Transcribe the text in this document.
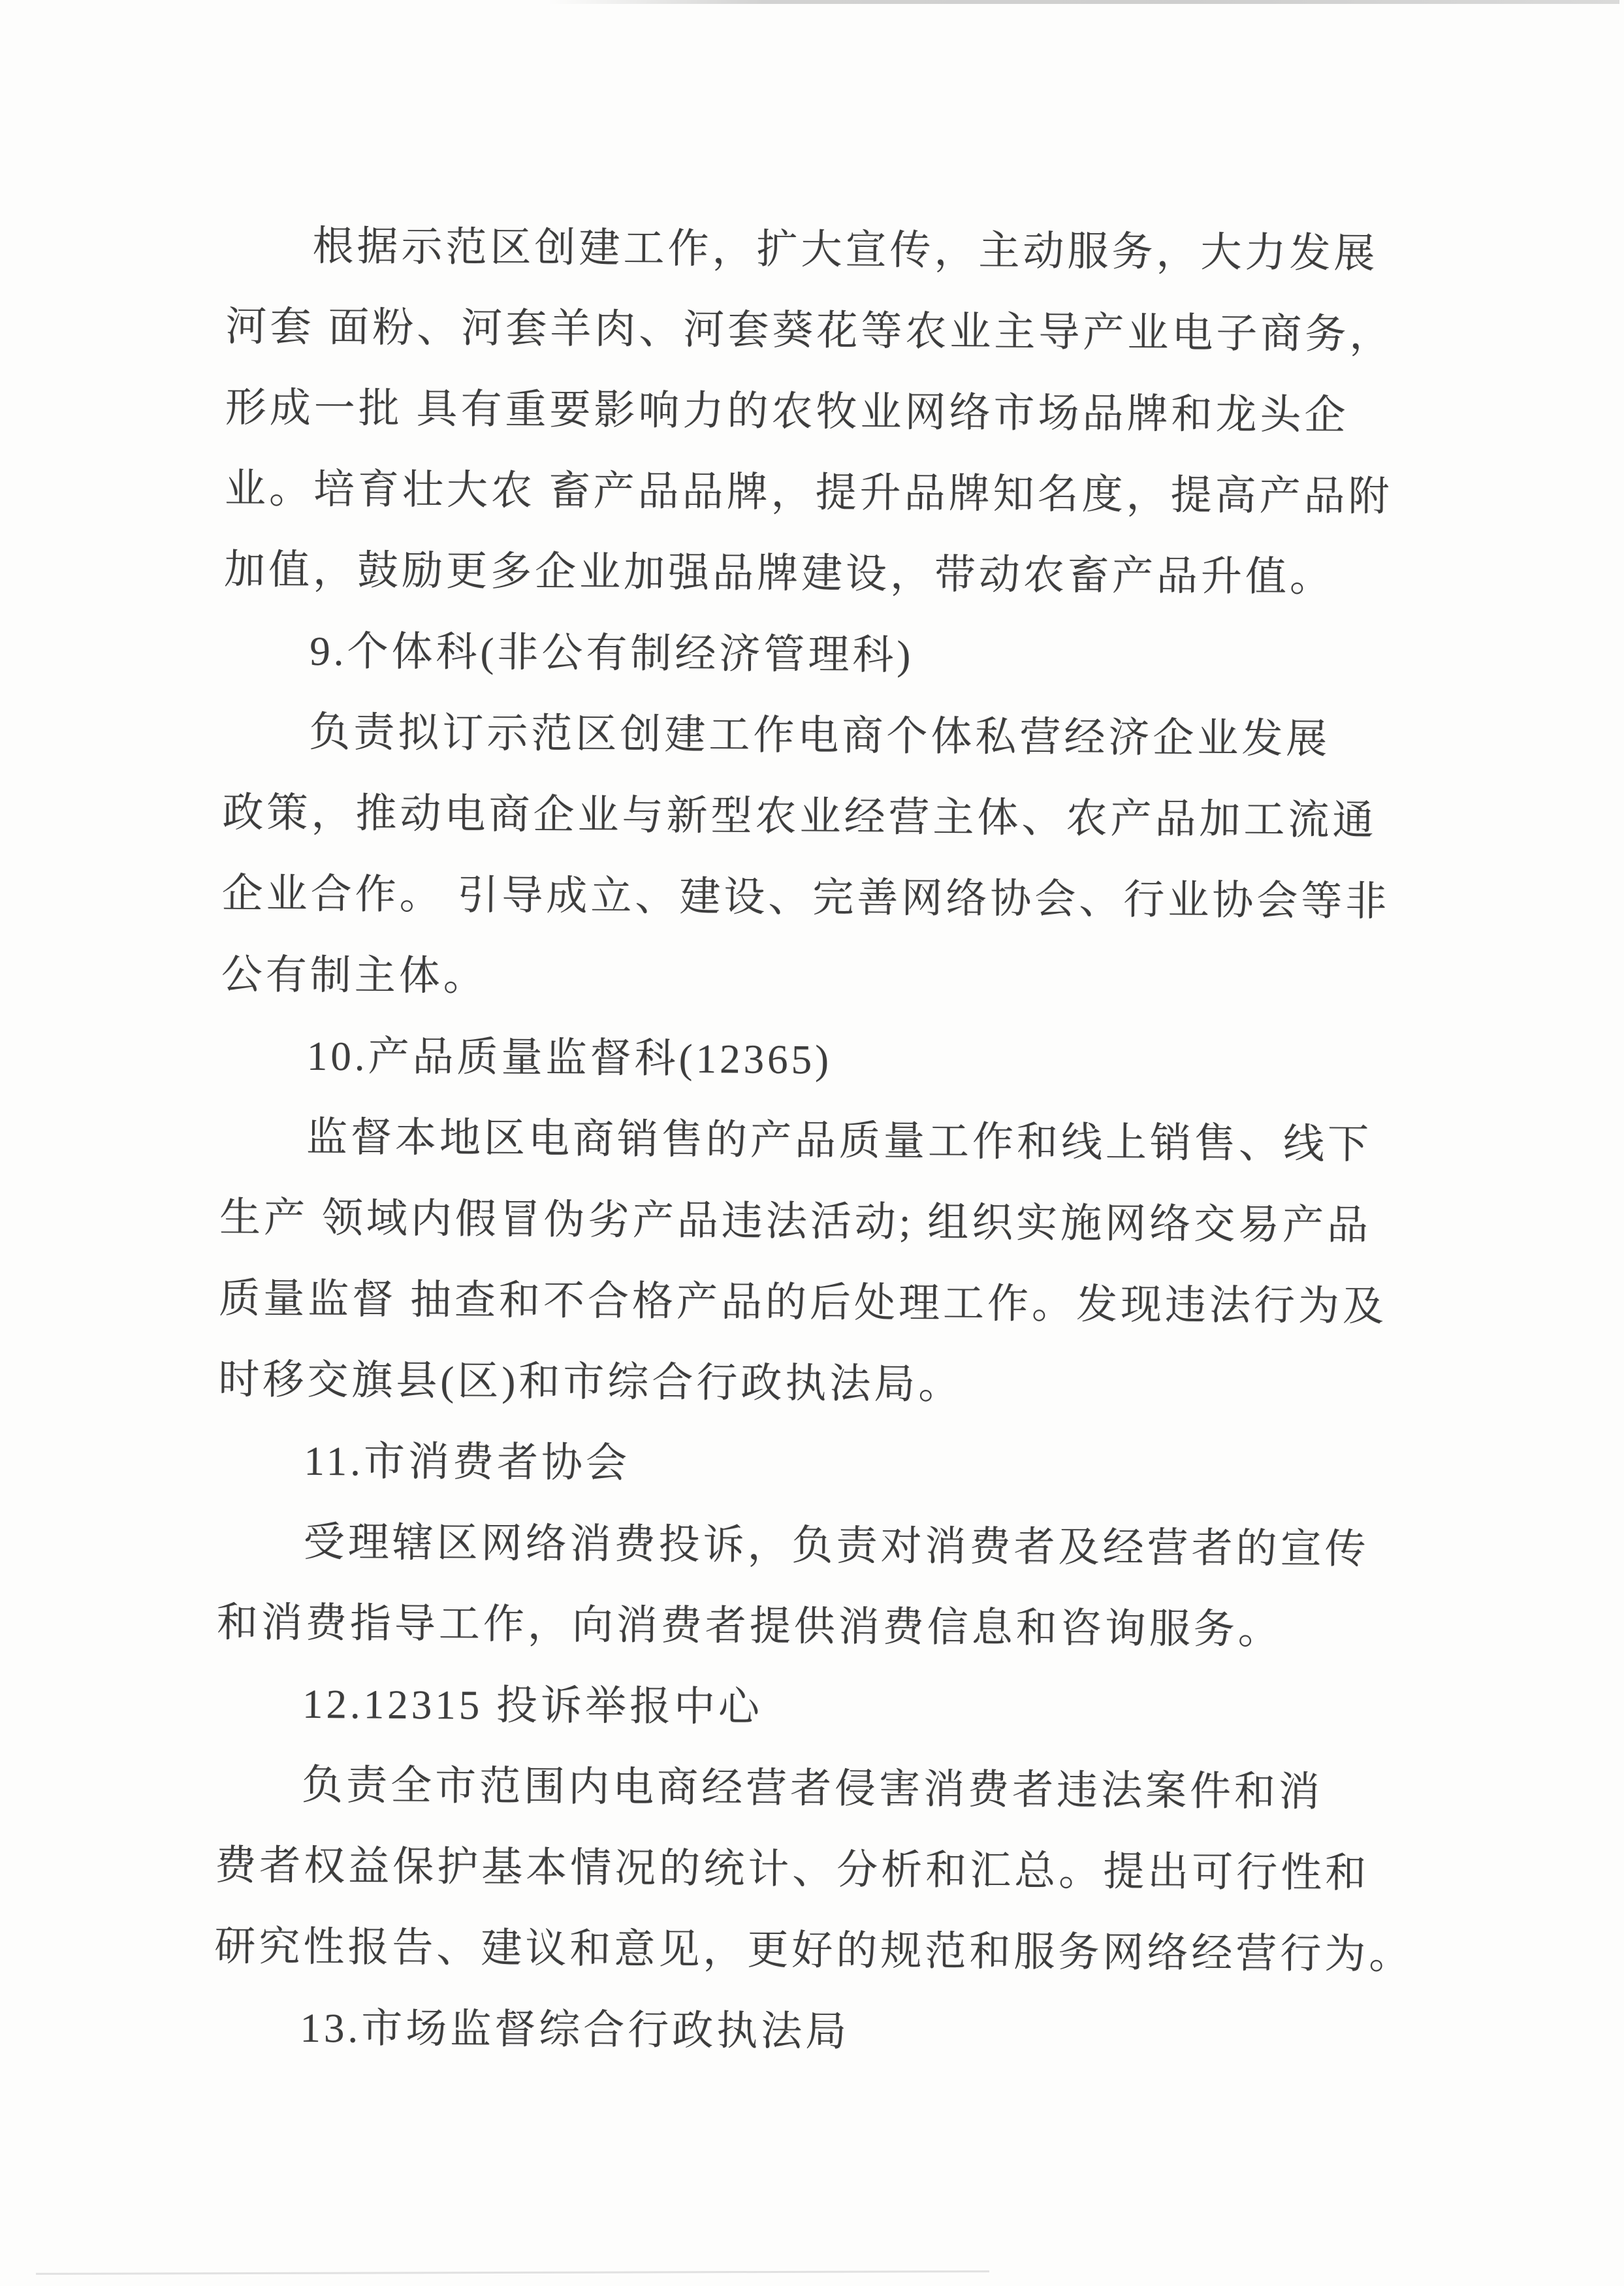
根据示范区创建工作，扩大宣传，主动服务，大力发展
河套 面粉、河套羊肉、河套葵花等农业主导产业电子商务，
形成一批 具有重要影响力的农牧业网络市场品牌和龙头企
业。培育壮大农 畜产品品牌，提升品牌知名度，提高产品附
加值，鼓励更多企业加强品牌建设，带动农畜产品升值。
9.个体科(非公有制经济管理科)
负责拟订示范区创建工作电商个体私营经济企业发展
政策，推动电商企业与新型农业经营主体、农产品加工流通
企业合作。 引导成立、建设、完善网络协会、行业协会等非
公有制主体。
10.产品质量监督科(12365)
监督本地区电商销售的产品质量工作和线上销售、线下
生产 领域内假冒伪劣产品违法活动; 组织实施网络交易产品
质量监督 抽查和不合格产品的后处理工作。发现违法行为及
时移交旗县(区)和市综合行政执法局。
11.市消费者协会
受理辖区网络消费投诉，负责对消费者及经营者的宣传
和消费指导工作，向消费者提供消费信息和咨询服务。
12.12315 投诉举报中心
负责全市范围内电商经营者侵害消费者违法案件和消
费者权益保护基本情况的统计、分析和汇总。提出可行性和
研究性报告、建议和意见，更好的规范和服务网络经营行为。
13.市场监督综合行政执法局
